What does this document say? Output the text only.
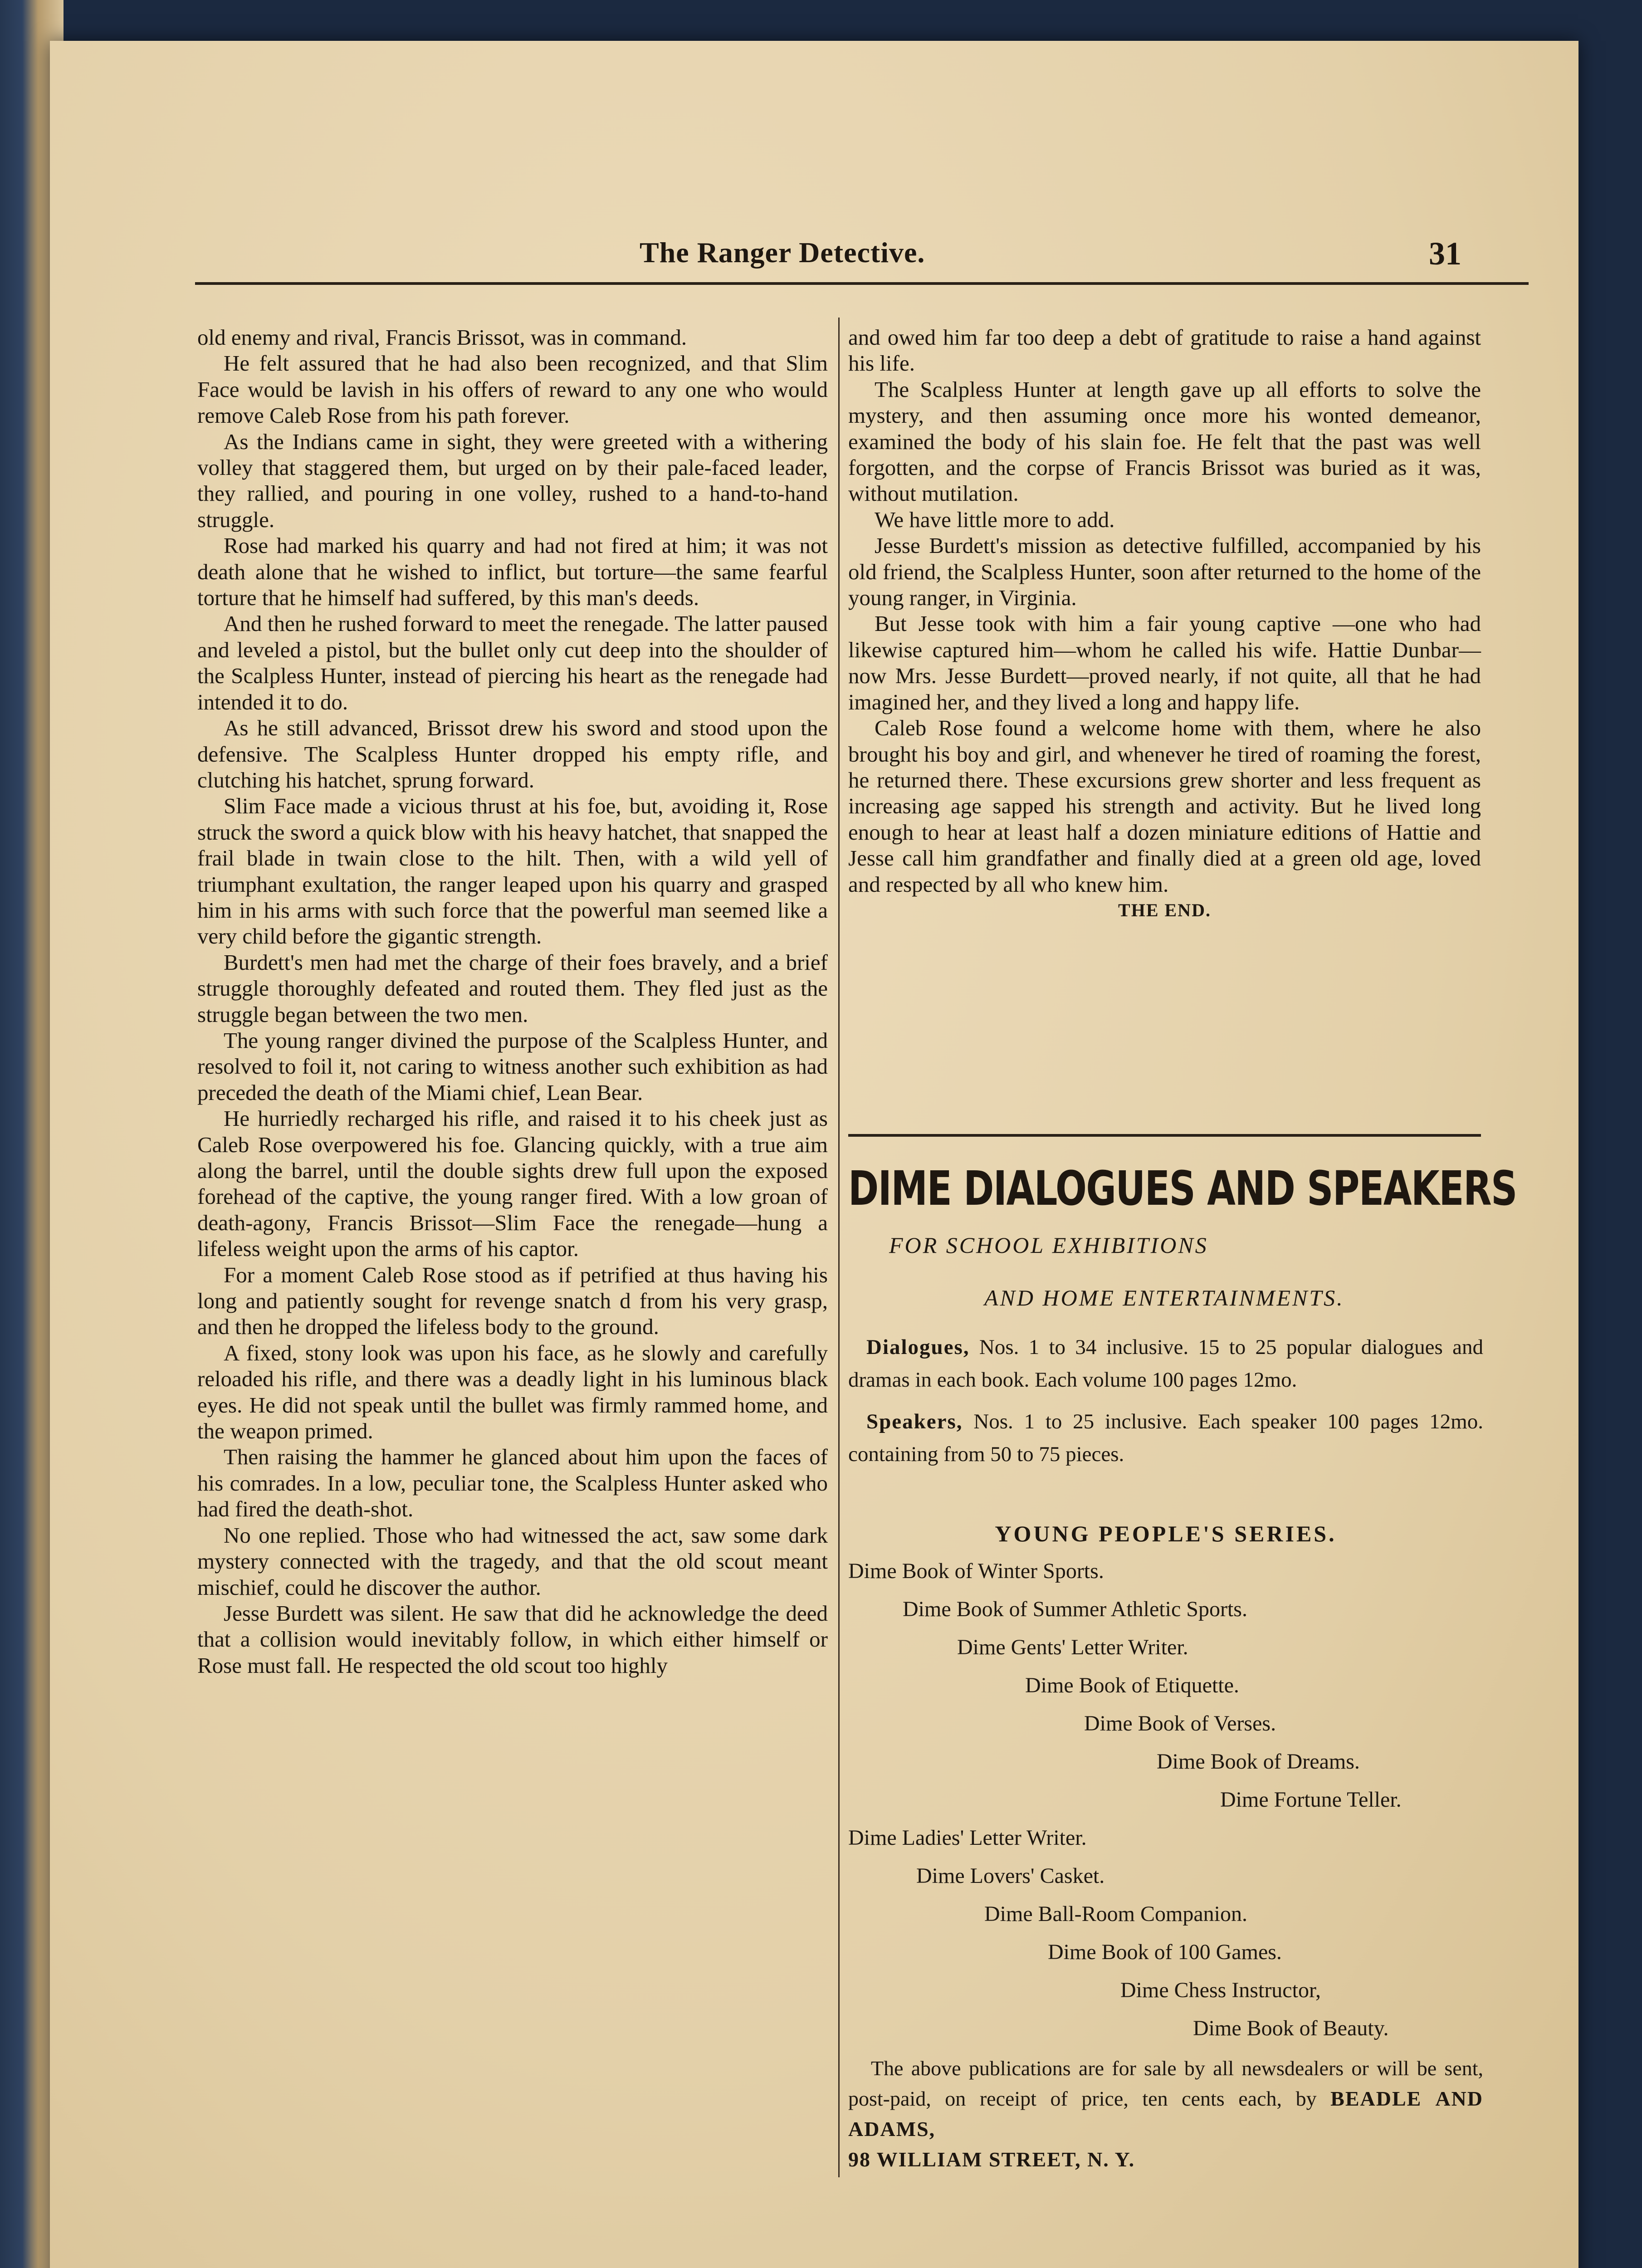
The Ranger Detective.	31

old enemy and rival, Francis Brissot, was in command.

He felt assured that he had also been recognized, and that Slim Face would be lavish in his offers of reward to any one who would remove Caleb Rose from his path forever.

As the Indians came in sight, they were greeted with a withering volley that staggered them, but urged on by their pale-faced leader, they rallied, and pouring in one volley, rushed to a hand-to-hand struggle.

Rose had marked his quarry and had not fired at him; it was not death alone that he wished to inflict, but torture—the same fearful torture that he himself had suffered, by this man's deeds.

And then he rushed forward to meet the renegade. The latter paused and leveled a pistol, but the bullet only cut deep into the shoulder of the Scalpless Hunter, instead of piercing his heart as the renegade had intended it to do.

As he still advanced, Brissot drew his sword and stood upon the defensive. The Scalpless Hunter dropped his empty rifle, and clutching his hatchet, sprung forward.

Slim Face made a vicious thrust at his foe, but, avoiding it, Rose struck the sword a quick blow with his heavy hatchet, that snapped the frail blade in twain close to the hilt. Then, with a wild yell of triumphant exultation, the ranger leaped upon his quarry and grasped him in his arms with such force that the powerful man seemed like a very child before the gigantic strength.

Burdett's men had met the charge of their foes bravely, and a brief struggle thoroughly defeated and routed them. They fled just as the struggle began between the two men.

The young ranger divined the purpose of the Scalpless Hunter, and resolved to foil it, not caring to witness another such exhibition as had preceded the death of the Miami chief, Lean Bear.

He hurriedly recharged his rifle, and raised it to his cheek just as Caleb Rose overpowered his foe. Glancing quickly, with a true aim along the barrel, until the double sights drew full upon the exposed forehead of the captive, the young ranger fired. With a low groan of death-agony, Francis Brissot—Slim Face the renegade—hung a lifeless weight upon the arms of his captor.

For a moment Caleb Rose stood as if petrified at thus having his long and patiently sought for revenge snatch d from his very grasp, and then he dropped the lifeless body to the ground.

A fixed, stony look was upon his face, as he slowly and carefully reloaded his rifle, and there was a deadly light in his luminous black eyes. He did not speak until the bullet was firmly rammed home, and the weapon primed.

Then raising the hammer he glanced about him upon the faces of his comrades. In a low, peculiar tone, the Scalpless Hunter asked who had fired the death-shot.

No one replied. Those who had witnessed the act, saw some dark mystery connected with the tragedy, and that the old scout meant mischief, could he discover the author.

Jesse Burdett was silent. He saw that did he acknowledge the deed that a collision would inevitably follow, in which either himself or Rose must fall. He respected the old scout too highly

and owed him far too deep a debt of gratitude to raise a hand against his life.

The Scalpless Hunter at length gave up all efforts to solve the mystery, and then assuming once more his wonted demeanor, examined the body of his slain foe. He felt that the past was well forgotten, and the corpse of Francis Brissot was buried as it was, without mutilation.

We have little more to add.

Jesse Burdett's mission as detective fulfilled, accompanied by his old friend, the Scalpless Hunter, soon after returned to the home of the young ranger, in Virginia.

But Jesse took with him a fair young captive —one who had likewise captured him—whom he called his wife. Hattie Dunbar—now Mrs. Jesse Burdett—proved nearly, if not quite, all that he had imagined her, and they lived a long and happy life.

Caleb Rose found a welcome home with them, where he also brought his boy and girl, and whenever he tired of roaming the forest, he returned there. These excursions grew shorter and less frequent as increasing age sapped his strength and activity. But he lived long enough to hear at least half a dozen miniature editions of Hattie and Jesse call him grandfather and finally died at a green old age, loved and respected by all who knew him.

THE END.

DIME DIALOGUES AND SPEAKERS

FOR SCHOOL EXHIBITIONS

AND HOME ENTERTAINMENTS.

Dialogues, Nos. 1 to 34 inclusive. 15 to 25 popular dialogues and dramas in each book. Each volume 100 pages 12mo.

Speakers, Nos. 1 to 25 inclusive. Each speaker 100 pages 12mo. containing from 50 to 75 pieces.

YOUNG PEOPLE'S SERIES.
Dime Book of Winter Sports.
Dime Book of Summer Athletic Sports.
Dime Gents' Letter Writer.
Dime Book of Etiquette.
Dime Book of Verses.
Dime Book of Dreams.
Dime Fortune Teller.
Dime Ladies' Letter Writer.
Dime Lovers' Casket.
Dime Ball-Room Companion.
Dime Book of 100 Games.
Dime Chess Instructor,
Dime Book of Beauty.

The above publications are for sale by all newsdealers or will be sent, post-paid, on receipt of price, ten cents each, by BEADLE AND ADAMS,
98 WILLIAM STREET, N. Y.
